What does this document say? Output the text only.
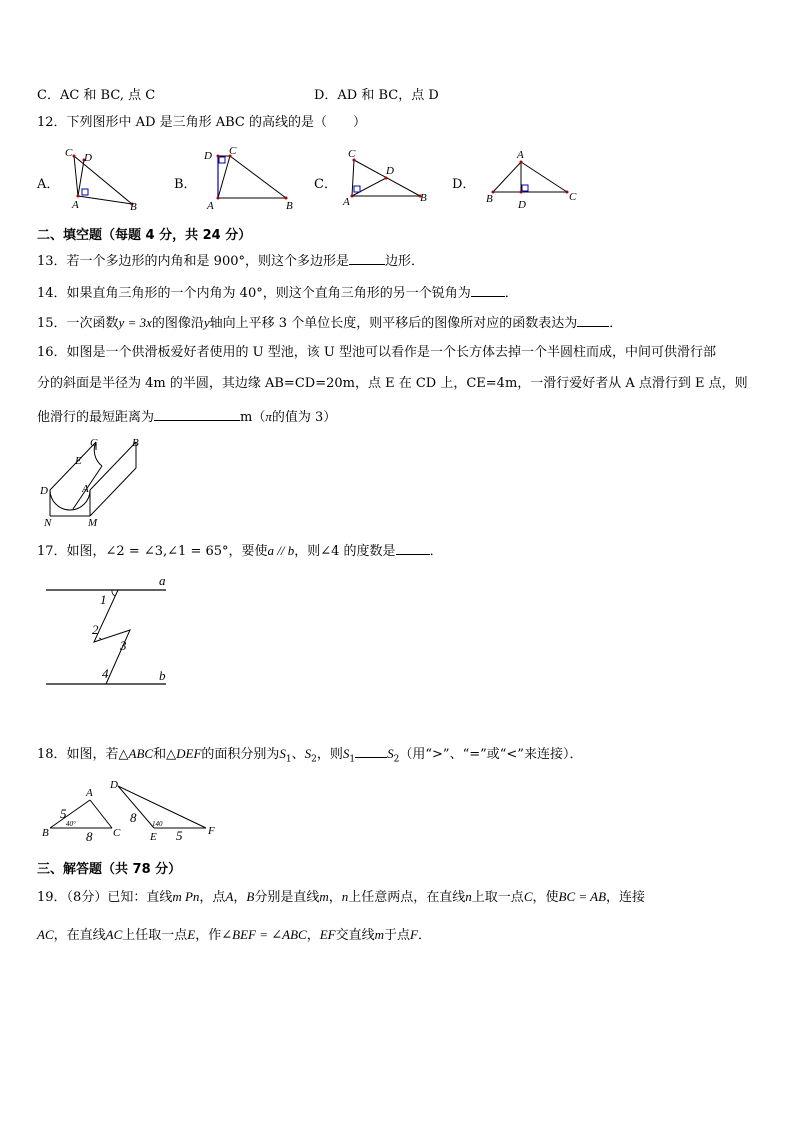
C．AC 和 BC, 点 C	D．AD 和 BC，点 D
12．下列图形中 AD 是三角形 ABC 的高线的是（　　）
A．
C D
A	B
B．
D C
A	B
C．
C
D
A	B
D．
A
B D
C
二、填空题（每题 4 分，共 24 分）
13．若一个多边形的内角和是 900°，则这个多边形是	边形．
14．如果直角三角形的一个内角为 40°，则这个直角三角形的另一个锐角为	．
15．一次函数y = 3x的图像沿y轴向上平移 3 个单位长度，则平移后的图像所对应的函数表达为 ．
16．如图是一个供滑板爱好者使用的 U 型池，该 U 型池可以看作是一个长方体去掉一个半圆柱而成，中间可供滑行部
分的斜面是半径为 4m 的半圆，其边缘 AB=CD=20m，点 E 在 CD 上，CE=4m，一滑行爱好者从 A 点滑行到 E 点，则
他滑行的最短距离为	m（π的值为 3）
C	B
E
D	A
N	M
17．如图，∠2 = ∠3,∠1 = 65°，要使a // b，则∠4 的度数是	．
a
b
1
2
3
4
18．如图，若△ABC和△DEF的面积分别为$S_1$、$S_2$，则$S_1$ $S_2$（用“>”、“=”或“<”来连接）．
A
B	C
D
E	F
5
40°
8
8 140
5
三、解答题（共 78 分）
19．（8分）已知：直线m Pn，点A，B分别是直线m，n上任意两点，在直线n上取一点C，使BC = AB，连接
AC，在直线AC上任取一点E，作∠BEF = ∠ABC，EF交直线m于点F．
